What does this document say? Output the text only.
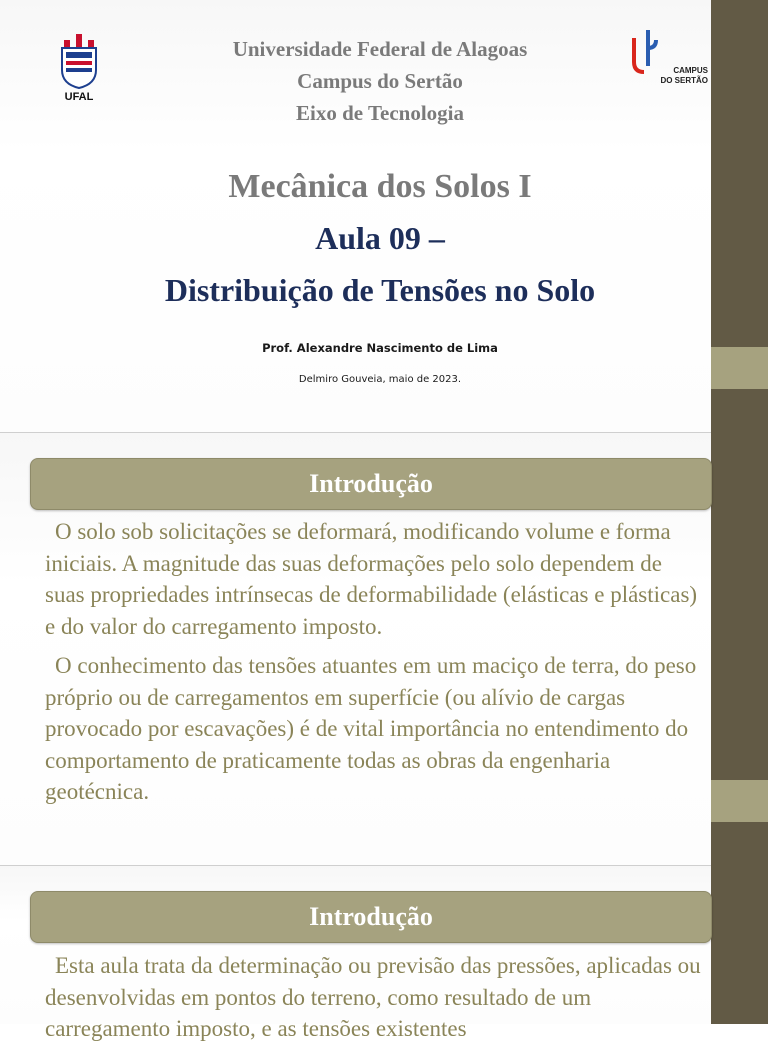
UFAL
CAMPUS
DO SERTÃO
Universidade Federal de Alagoas
Campus do Sertão
Eixo de Tecnologia
Mecânica dos Solos I
Aula 09 –
Distribuição de Tensões no Solo
Prof. Alexandre Nascimento de Lima
Delmiro Gouveia, maio de 2023.
Introdução

O solo sob solicitações se deformará, modificando volume e forma iniciais. A magnitude das suas deformações pelo solo dependem de suas propriedades intrínsecas de deformabilidade (elásticas e plásticas) e do valor do carregamento imposto.

O conhecimento das tensões atuantes em um maciço de terra, do peso próprio ou de carregamentos em superfície (ou alívio de cargas provocado por escavações) é de vital importância no entendimento do comportamento de praticamente todas as obras da engenharia geotécnica.

Introdução

Esta aula trata da determinação ou previsão das pressões, aplicadas ou desenvolvidas em pontos do terreno, como resultado de um carregamento imposto, e as tensões existentes
